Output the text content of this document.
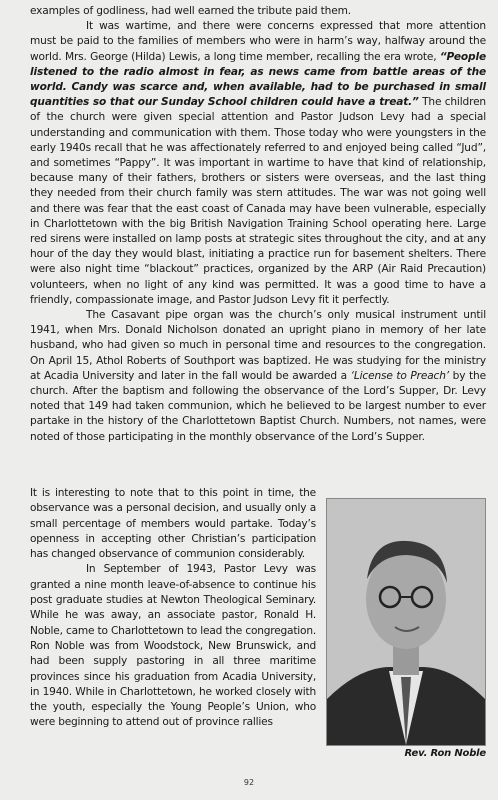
examples of godliness, had well earned the tribute paid them.

It was wartime, and there were concerns expressed that more attention must be paid to the families of members who were in harm’s way, halfway around the world. Mrs. George (Hilda) Lewis, a long time member, recalling the era wrote, “People listened to the radio almost in fear, as news came from battle areas of the world. Candy was scarce and, when available, had to be purchased in small quantities so that our Sunday School children could have a treat.” The children of the church were given special attention and Pastor Judson Levy had a special understanding and communication with them. Those today who were youngsters in the early 1940s recall that he was affectionately referred to and enjoyed being called “Jud”, and sometimes “Pappy”. It was important in wartime to have that kind of relationship, because many of their fathers, brothers or sisters were overseas, and the last thing they needed from their church family was stern attitudes. The war was not going well and there was fear that the east coast of Canada may have been vulnerable, especially in Charlottetown with the big British Navigation Training School operating here. Large red sirens were installed on lamp posts at strategic sites throughout the city, and at any hour of the day they would blast, initiating a practice run for basement shelters. There were also night time “blackout” practices, organized by the ARP (Air Raid Precaution) volunteers, when no light of any kind was permitted. It was a good time to have a friendly, compassionate image, and Pastor Judson Levy fit it perfectly.

The Casavant pipe organ was the church’s only musical instrument until 1941, when Mrs. Donald Nicholson donated an upright piano in memory of her late husband, who had given so much in personal time and resources to the congregation. On April 15, Athol Roberts of Southport was baptized. He was studying for the ministry at Acadia University and later in the fall would be awarded a ‘License to Preach’ by the church. After the baptism and following the observance of the Lord’s Supper, Dr. Levy noted that 149 had taken communion, which he believed to be largest number to ever partake in the history of the Charlottetown Baptist Church. Numbers, not names, were noted of those participating in the monthly observance of the Lord’s Supper.

It is interesting to note that to this point in time, the observance was a personal decision, and usually only a small percentage of members would partake. Today’s openness in accepting other Christian’s participation has changed observance of communion considerably.

In September of 1943, Pastor Levy was granted a nine month leave-of-absence to continue his post graduate studies at Newton Theological Seminary. While he was away, an associate pastor, Ronald H. Noble, came to Charlottetown to lead the congregation. Ron Noble was from Woodstock, New Brunswick, and had been supply pastoring in all three maritime provinces since his graduation from Acadia University, in 1940. While in Charlottetown, he worked closely with the youth, especially the Young People’s Union, who were beginning to attend out of province rallies

Rev. Ron Noble
92
